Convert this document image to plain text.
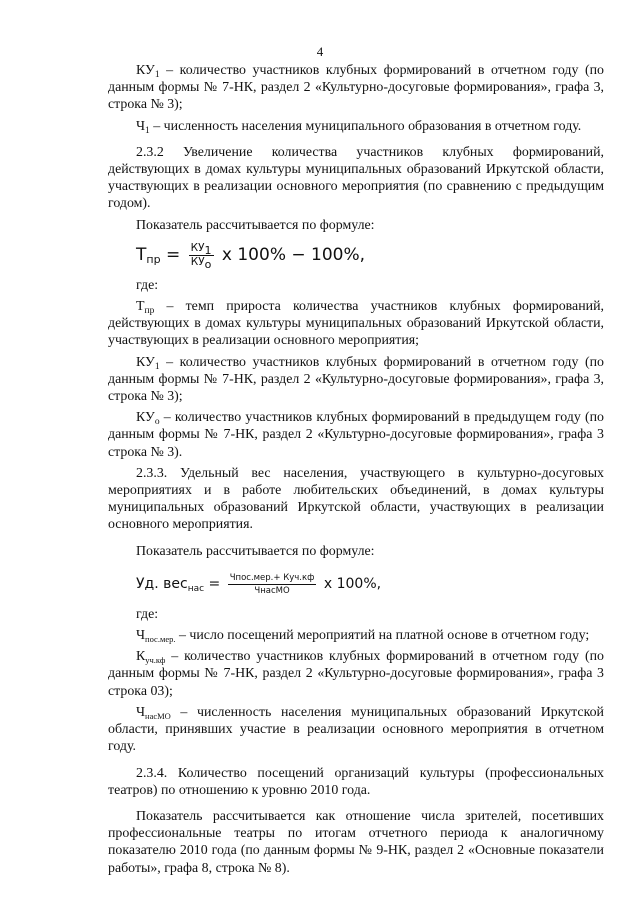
4

$КУ_1$ – количество участников клубных формирований в отчетном году (по данным формы № 7-НК, раздел 2 «Культурно-досуговые формирования», графа 3, строка № 3);

$Ч_1$ – численность населения муниципального образования в отчетном году.

2.3.2 Увеличение количества участников клубных формирований, действующих в домах культуры муниципальных образований Иркутской области, участвующих в реализации основного мероприятия (по сравнению с предыдущим годом).

Показатель рассчитывается по формуле:

$Т_{пр} = \frac{КУ_1}{КУ_о}$ x 100% − 100%,

где:

$Т_{пр}$ – темп прироста количества участников клубных формирований, действующих в домах культуры муниципальных образований Иркутской области, участвующих в реализации основного мероприятия;

$КУ_1$ – количество участников клубных формирований в отчетном году (по данным формы № 7-НК, раздел 2 «Культурно-досуговые формирования», графа 3, строка № 3);

$КУ_о$ – количество участников клубных формирований в предыдущем году (по данным формы № 7-НК, раздел 2 «Культурно-досуговые формирования», графа 3 строка № 3).

2.3.3. Удельный вес населения, участвующего в культурно-досуговых мероприятиях и в работе любительских объединений, в домах культуры муниципальных образований Иркутской области, участвующих в реализации основного мероприятия.

Показатель рассчитывается по формуле:

Уд. $вес_{нас} = \frac{\text{Чпос.мер.+ Куч.кф}}{\text{ЧнасМО}}$ x 100%,

где:

$Ч_{пос.мер.}$ – число посещений мероприятий на платной основе в отчетном году;

$К_{уч.кф}$ – количество участников клубных формирований в отчетном году (по данным формы № 7-НК, раздел 2 «Культурно-досуговые формирования», графа 3 строка 03);

$Ч_{насМО}$ – численность населения муниципальных образований Иркутской области, принявших участие в реализации основного мероприятия в отчетном году.

2.3.4. Количество посещений организаций культуры (профессиональных театров) по отношению к уровню 2010 года.

Показатель рассчитывается как отношение числа зрителей, посетивших профессиональные театры по итогам отчетного периода к аналогичному показателю 2010 года (по данным формы № 9-НК, раздел 2 «Основные показатели работы», графа 8, строка № 8).
